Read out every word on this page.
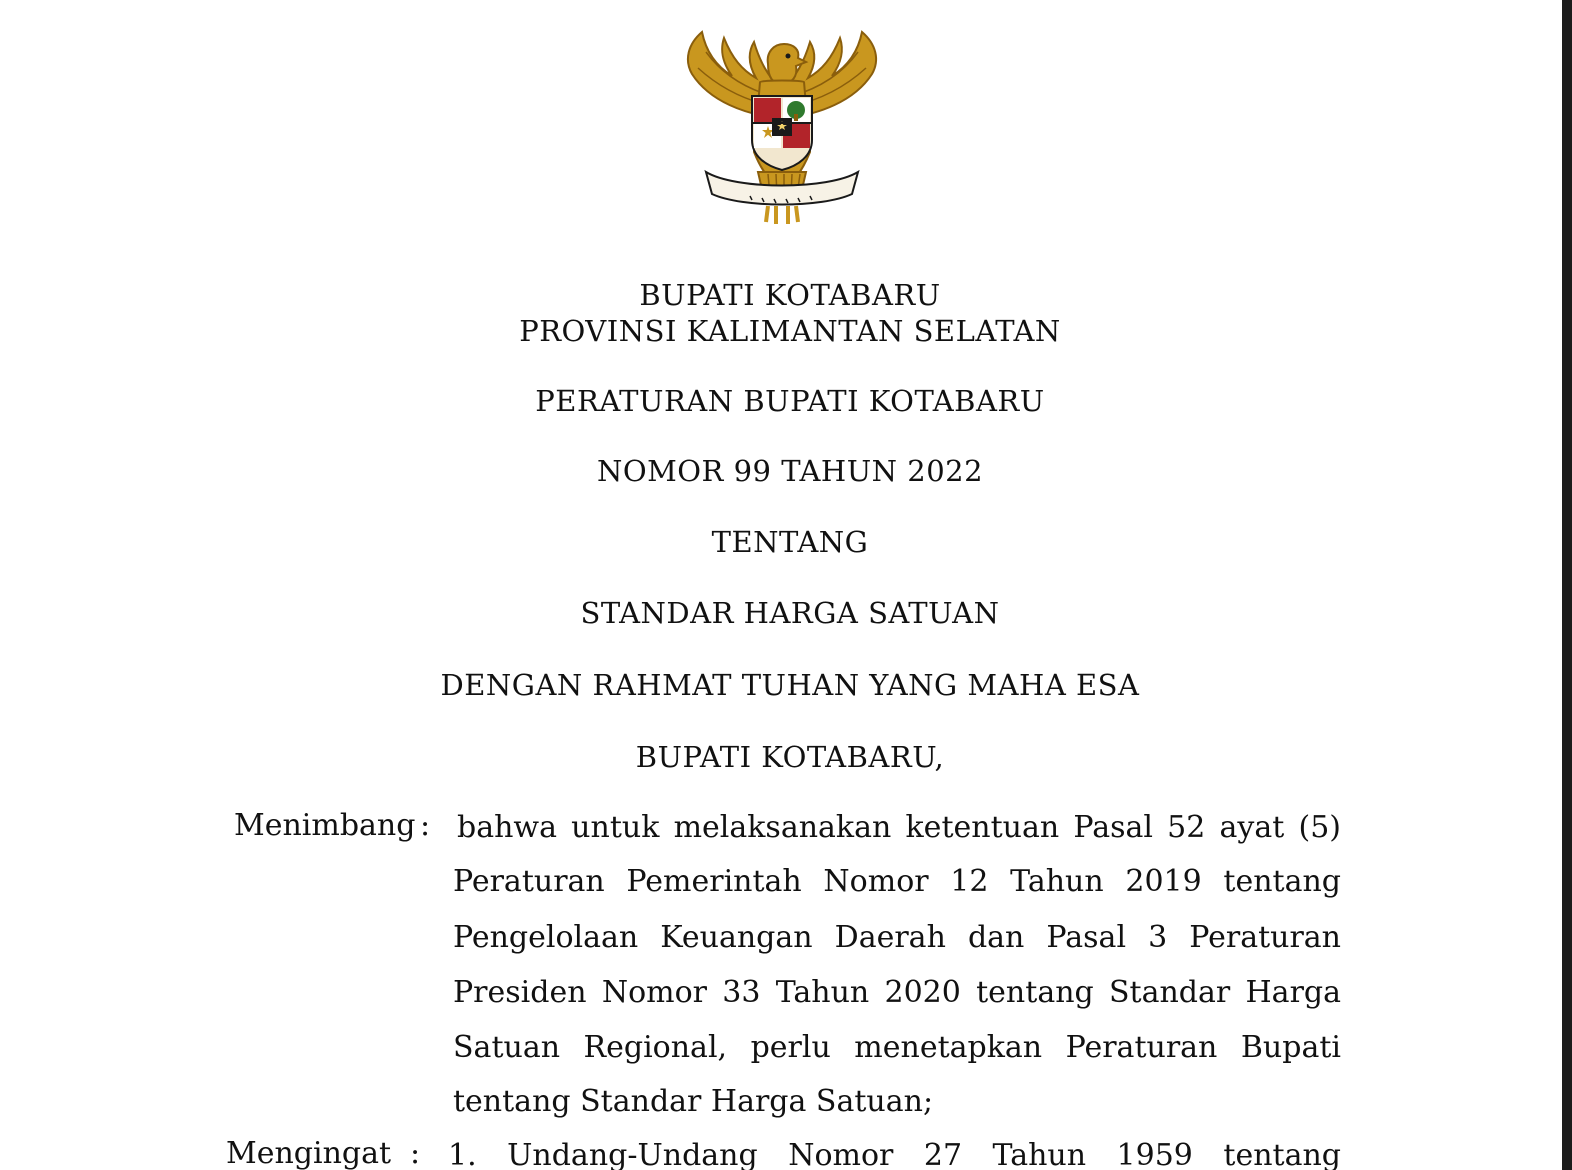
BUPATI KOTABARU
PROVINSI KALIMANTAN SELATAN
PERATURAN BUPATI KOTABARU
NOMOR 99 TAHUN 2022
TENTANG
STANDAR HARGA SATUAN
DENGAN RAHMAT TUHAN YANG MAHA ESA
BUPATI KOTABARU,
Menimbang : bahwa untuk melaksanakan ketentuan Pasal 52 ayat (5)
Peraturan Pemerintah Nomor 12 Tahun 2019 tentang
Pengelolaan Keuangan Daerah dan Pasal 3 Peraturan
Presiden Nomor 33 Tahun 2020 tentang Standar Harga
Satuan Regional, perlu menetapkan Peraturan Bupati
tentang Standar Harga Satuan;
Mengingat : 1. Undang-Undang Nomor 27 Tahun 1959 tentang
